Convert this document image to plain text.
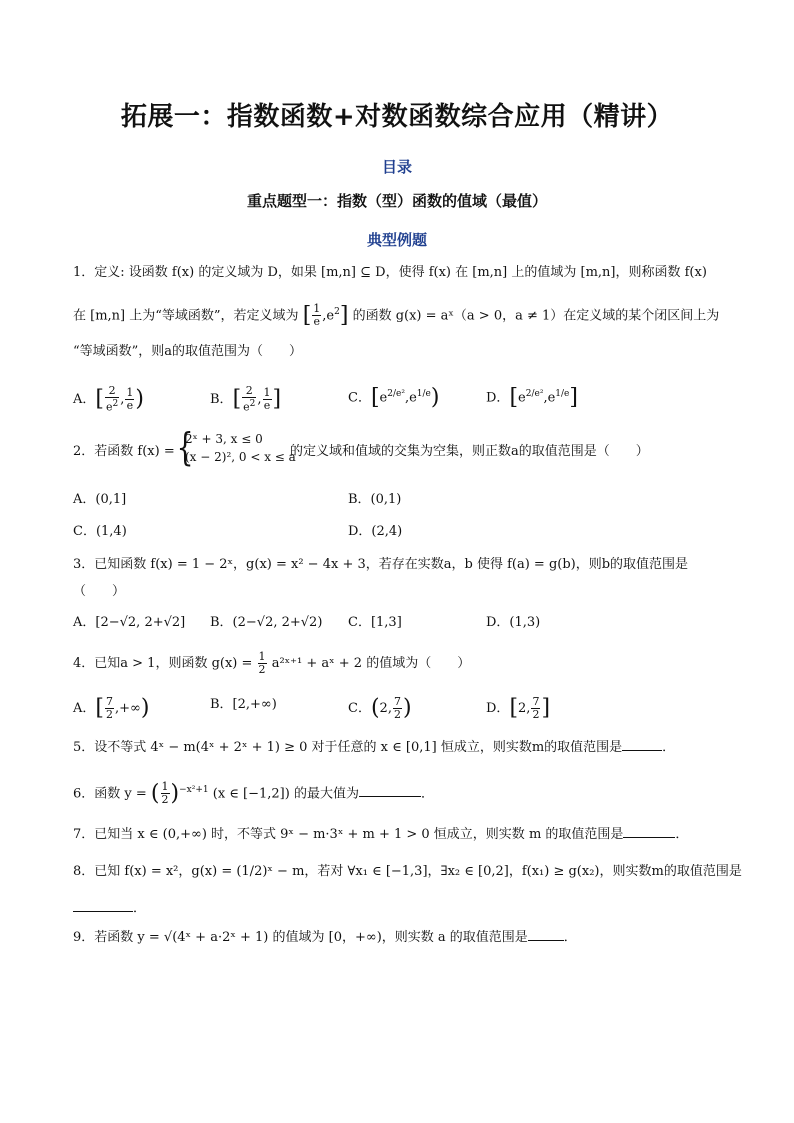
拓展一：指数函数+对数函数综合应用（精讲）
目录
重点题型一：指数（型）函数的值域（最值）
典型例题
1．定义: 设函数 f(x) 的定义域为 D，如果 [m,n] ⊆ D，使得 f(x) 在 [m,n] 上的值域为 [m,n]，则称函数 f(x)
在 [m,n] 上为“等域函数”，若定义域为 [ $\frac{1}{e} ,e^2$] 的函数 g(x) = aˣ（a > 0，a ≠ 1）在定义域的某个闭区间上为
“等域函数”，则a的取值范围为（　　）
A．[ $\frac{2}{e^2}$ , $\frac{1}{e}$ )	B．[ $\frac{2}{e^2}$ , $\frac{1}{e}$ ]	C．$[e^{2/e^2},e^{1/e})$	D．$[e^{2/e^2},e^{1/e}]$
2．若函数 f(x) = {
2ˣ + 3, x ≤ 0
(x − 2)², 0 < x ≤ a
的定义域和值域的交集为空集，则正数a的取值范围是（　　）
A．(0,1]	B．(0,1)
C．(1,4)	D．(2,4)
3．已知函数 f(x) = 1 − 2ˣ，g(x) = x² − 4x + 3，若存在实数a，b 使得 f(a) = g(b)，则b的取值范围是
（　　）
A．[2−√2, 2+√2] B．(2−√2, 2+√2) C．[1,3]	D．(1,3)
4．已知a > 1，则函数 $g(x) = \frac{1}{2}$ a²ˣ⁺¹ + aˣ + 2 的值域为（　　）
A．[ $\frac{7}{2}$ ,+∞)	B．[2,+∞)	C．(2, $\frac{7}{2}$ )	D．[2, $\frac{7}{2}$ ]
5．设不等式 4ˣ − m(4ˣ + 2ˣ + 1) ≥ 0 对于任意的 x ∈ [0,1] 恒成立，则实数m的取值范围是	．
6．函数 y = ( $\frac{1}{2} )^{-x^2+1}$ (x ∈ [−1,2]) 的最大值为	．
7．已知当 x ∈ (0,+∞) 时，不等式 9ˣ − m·3ˣ + m + 1 > 0 恒成立，则实数 m 的取值范围是	．
8．已知 f(x) = x²，g(x) = (1/2)ˣ − m，若对 ∀x₁ ∈ [−1,3]，∃x₂ ∈ [0,2]，f(x₁) ≥ g(x₂)，则实数m的取值范围是
．
9．若函数 y = √(4ˣ + a·2ˣ + 1) 的值域为 [0，+∞)，则实数 a 的取值范围是	．
